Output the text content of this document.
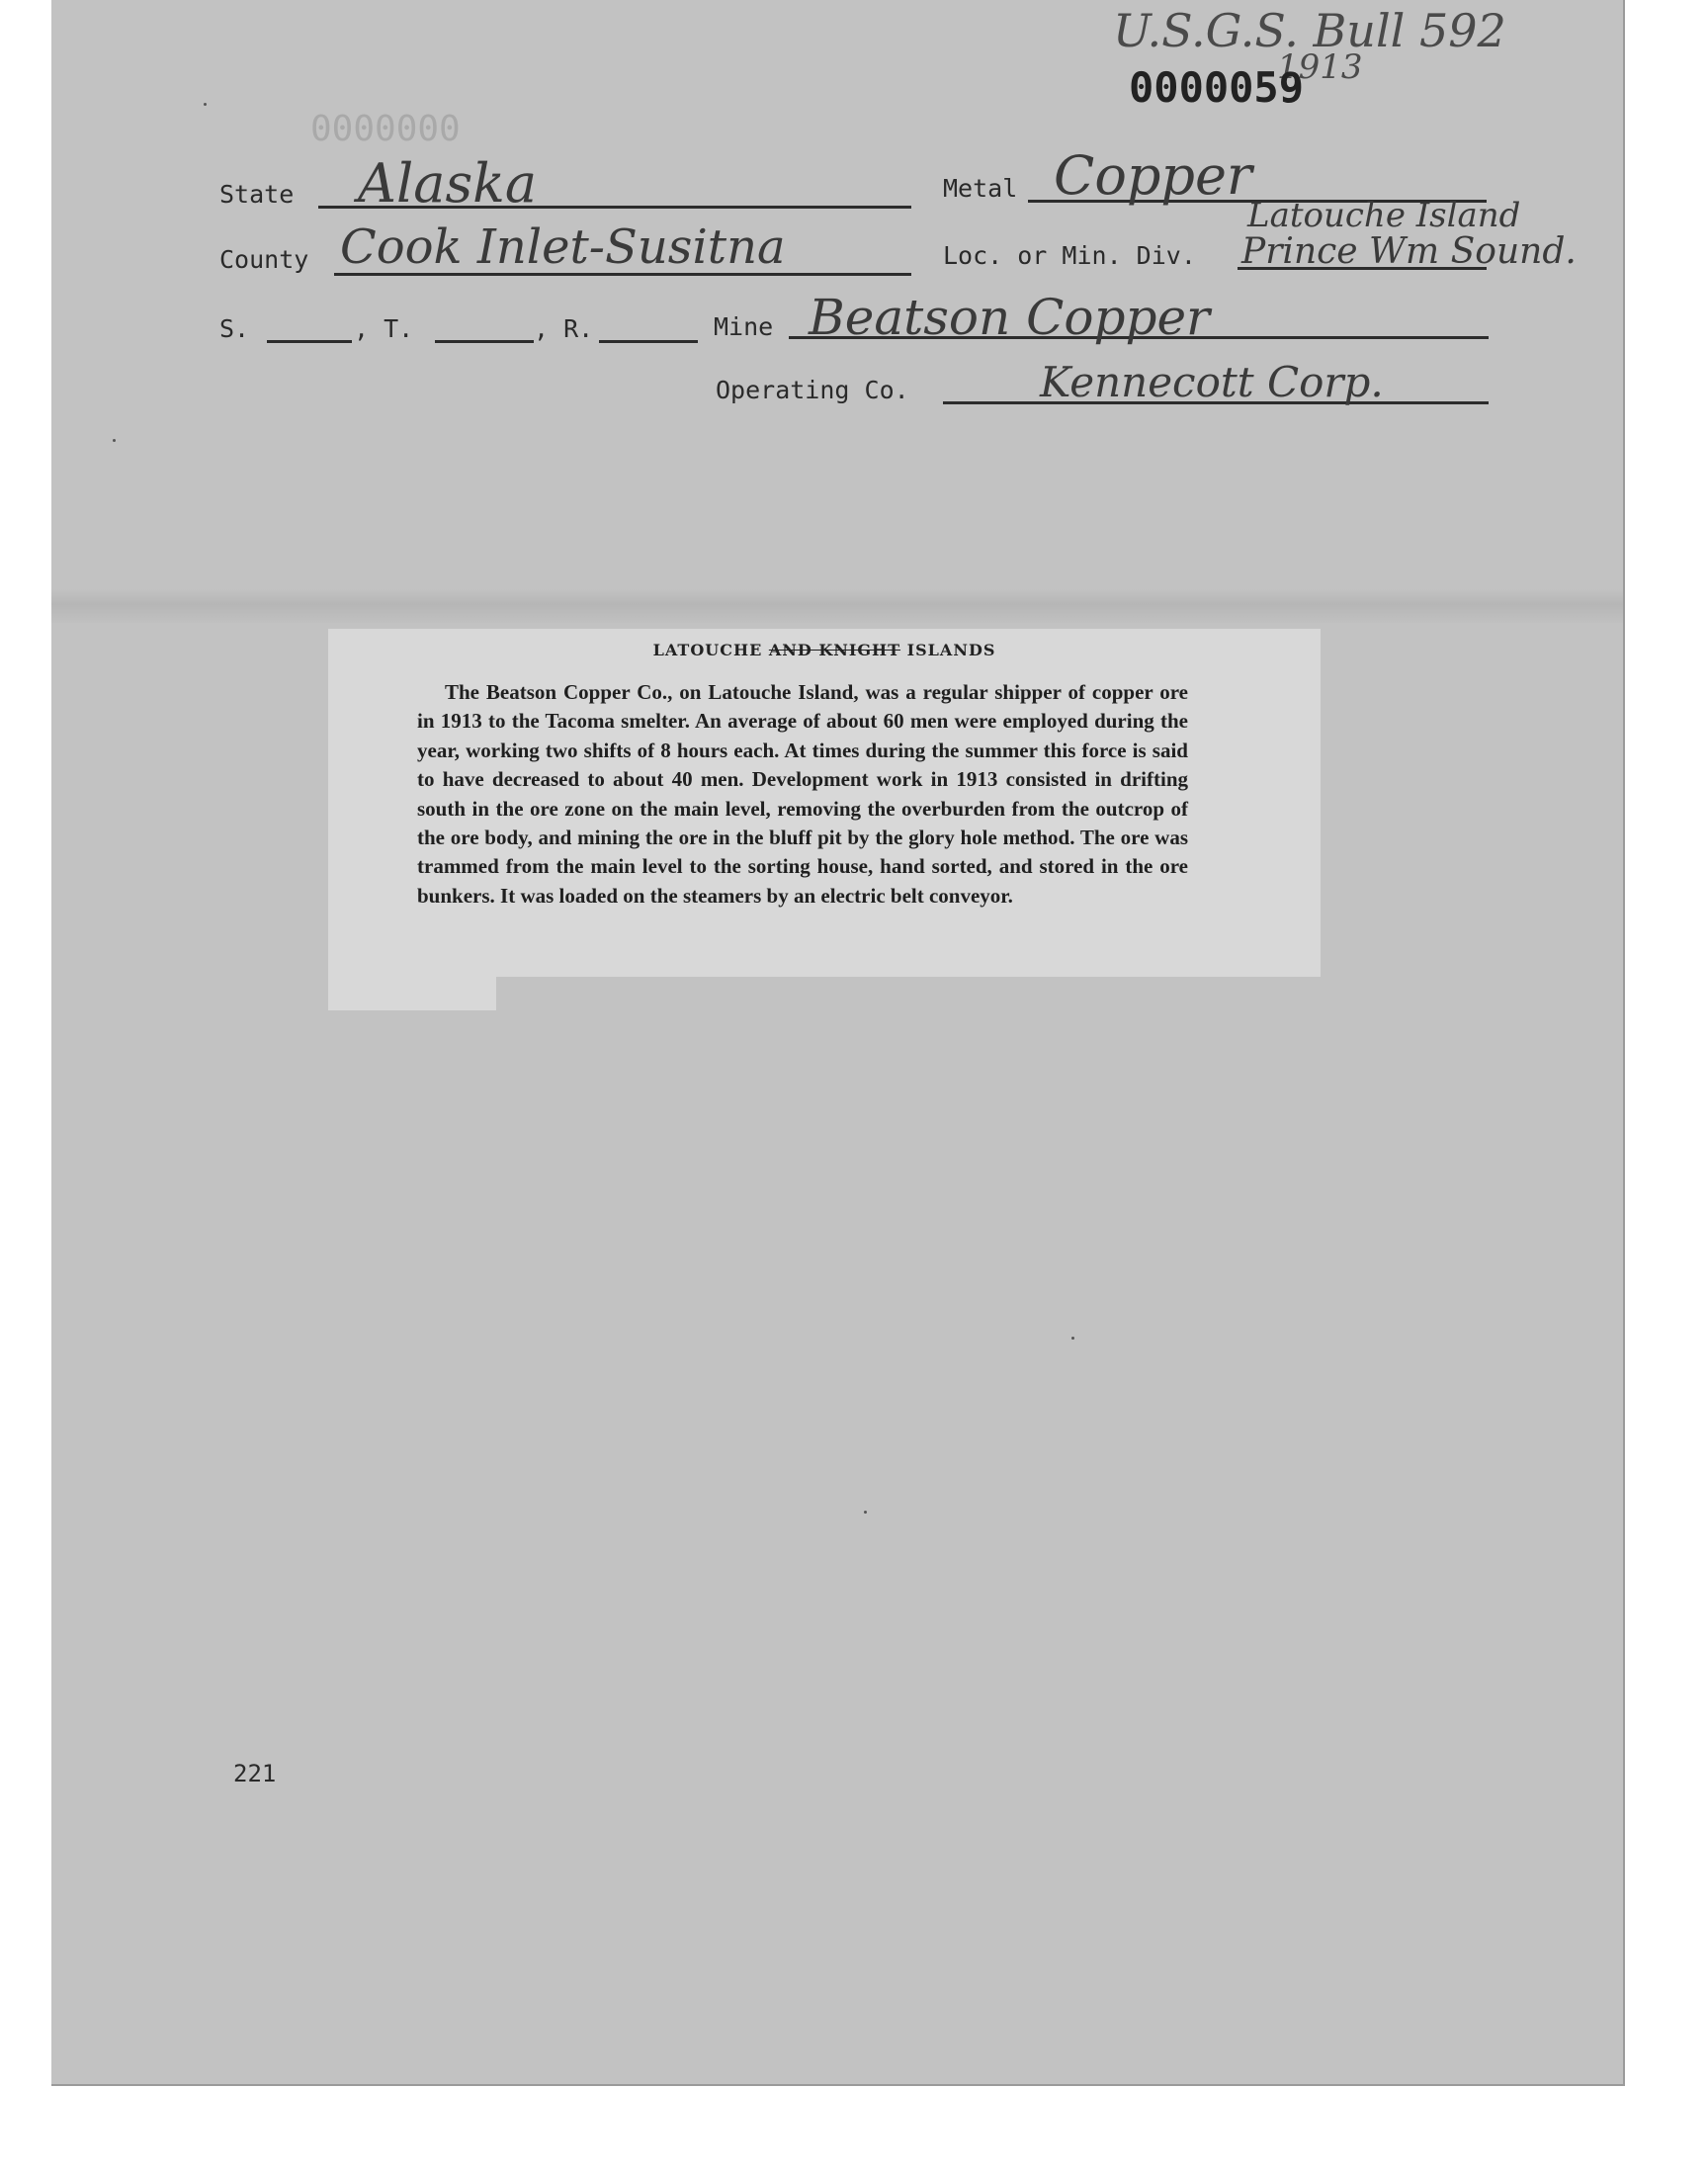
U.S.G.S. Bull 592
1913
0000059
0000000
State Alaska	Metal Copper
County Cook Inlet-Susitna	Loc. or Min. Div.
Latouche Island
Prince Wm Sound.
S.	, T.	, R.	Mine Beatson Copper
Operating Co.	Kennecott Corp.
LATOUCHE AND KNIGHT ISLANDS
The Beatson Copper Co., on Latouche Island, was a regular shipper of copper ore in 1913 to the Tacoma smelter. An average of about 60 men were employed during the year, working two shifts of 8 hours each. At times during the summer this force is said to have decreased to about 40 men. Development work in 1913 consisted in drifting south in the ore zone on the main level, removing the overburden from the outcrop of the ore body, and mining the ore in the bluff pit by the glory hole method. The ore was trammed from the main level to the sorting house, hand sorted, and stored in the ore bunkers. It was loaded on the steamers by an electric belt conveyor.
221
